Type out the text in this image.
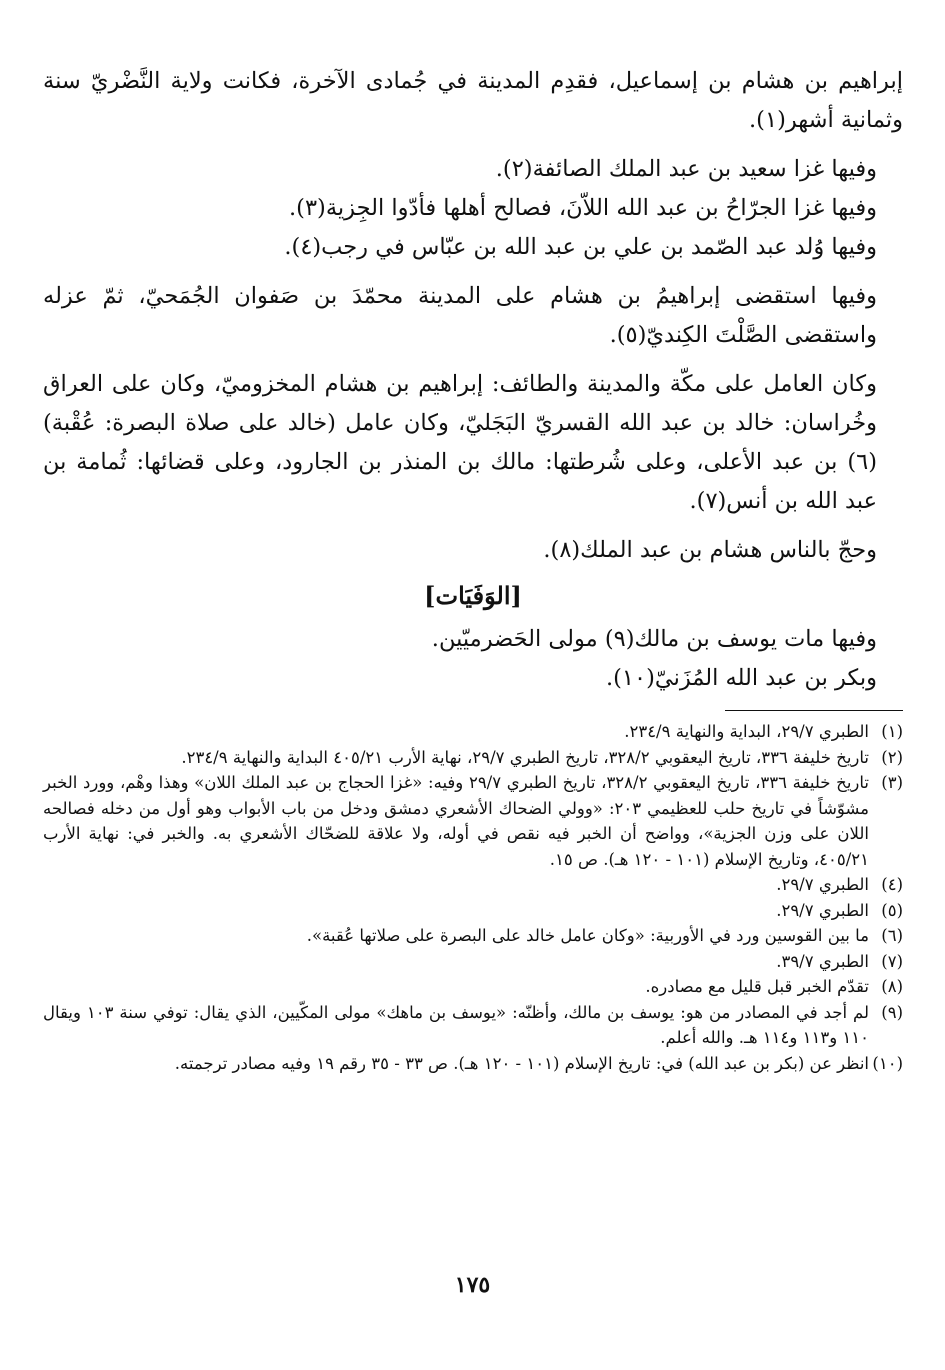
إبراهيم بن هشام بن إسماعيل، فقدِم المدينة في جُمادى الآخرة، فكانت ولاية النَّضْريّ سنة وثمانية أشهر(١).

وفيها غزا سعيد بن عبد الملك الصائفة(٢).

وفيها غزا الجرّاحُ بن عبد الله اللاّنَ، فصالح أهلها فأدّوا الجِزية(٣).

وفيها وُلد عبد الصّمد بن علي بن عبد الله بن عبّاس في رجب(٤).

وفيها استقضى إبراهيمُ بن هشام على المدينة محمّدَ بن صَفوان الجُمَحيّ، ثمّ عزله واستقضى الصَّلْتَ الكِنديّ(٥).

وكان العامل على مكّة والمدينة والطائف: إبراهيم بن هشام المخزوميّ، وكان على العراق وخُراسان: خالد بن عبد الله القسريّ البَجَليّ، وكان عامل (خالد على صلاة البصرة: عُقْبة)(٦) بن عبد الأعلى، وعلى شُرطتها: مالك بن المنذر بن الجارود، وعلى قضائها: ثُمامة بن عبد الله بن أنس(٧).

وحجّ بالناس هشام بن عبد الملك(٨).

[الوَفَيَات]

وفيها مات يوسف بن مالك(٩) مولى الحَضرميّين.

وبكر بن عبد الله المُزَنيّ(١٠).

(١)
الطبري ٢٩/٧، البداية والنهاية ٢٣٤/٩.

(٢)
تاريخ خليفة ٣٣٦، تاريخ اليعقوبي ٣٢٨/٢، تاريخ الطبري ٢٩/٧، نهاية الأرب ٤٠٥/٢١ البداية والنهاية ٢٣٤/٩.

(٣)
تاريخ خليفة ٣٣٦، تاريخ اليعقوبي ٣٢٨/٢، تاريخ الطبري ٢٩/٧ وفيه: «غزا الحجاج بن عبد الملك اللان» وهذا وهْم، وورد الخبر مشوّشاً في تاريخ حلب للعظيمي ٢٠٣: «وولي الضحاك الأشعري دمشق ودخل من باب الأبواب وهو أول من دخله فصالحه اللان على وزن الجزية»، وواضح أن الخبر فيه نقص في أوله، ولا علاقة للضحّاك الأشعري به. والخبر في: نهاية الأرب ٤٠٥/٢١، وتاريخ الإسلام (١٠١ - ١٢٠ هـ). ص ١٥.

(٤)
الطبري ٢٩/٧.

(٥)
الطبري ٢٩/٧.

(٦)
ما بين القوسين ورد في الأوربية: «وكان عامل خالد على البصرة على صلاتها عُقبة».

(٧)
الطبري ٣٩/٧.

(٨)
تقدّم الخبر قبل قليل مع مصادره.

(٩)
لم أجد في المصادر من هو: يوسف بن مالك، وأظنّه: «يوسف بن ماهك» مولى المكّيين، الذي يقال: توفي سنة ١٠٣ ويقال ١١٠ و١١٣ و١١٤ هـ. والله أعلم.

(١٠)
انظر عن (بكر بن عبد الله) في: تاريخ الإسلام (١٠١ - ١٢٠ هـ). ص ٣٣ - ٣٥ رقم ١٩ وفيه مصادر ترجمته.

١٧٥
